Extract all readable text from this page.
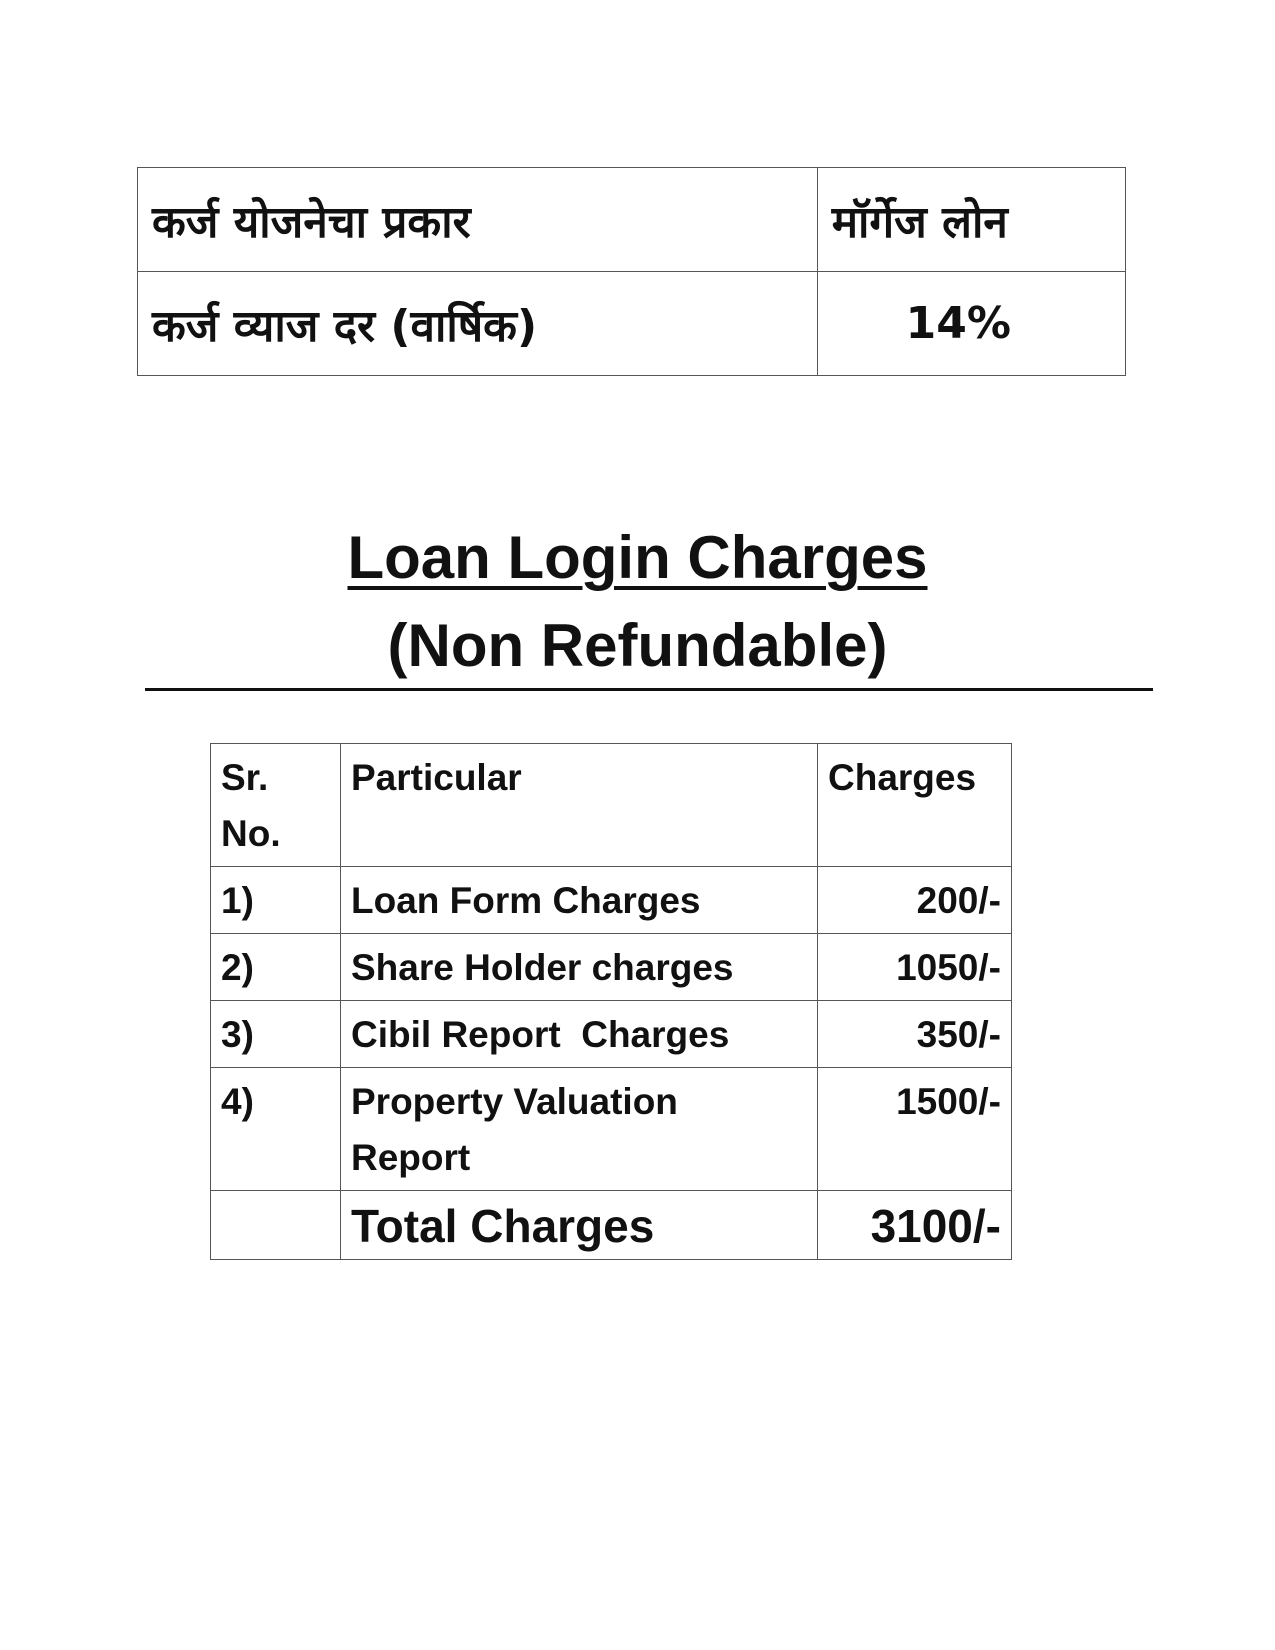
कर्ज योजनेचा प्रकार	मॉर्गेज लोन
कर्ज व्याज दर (वार्षिक)	14%
Loan Login Charges
(Non Refundable)
Sr. No.	Particular	Charges
1)	Loan Form Charges	200/-
2)	Share Holder charges	1050/-
3)	Cibil Report  Charges	350/-
4)	Property Valuation Report	1500/-
	Total Charges	3100/-
